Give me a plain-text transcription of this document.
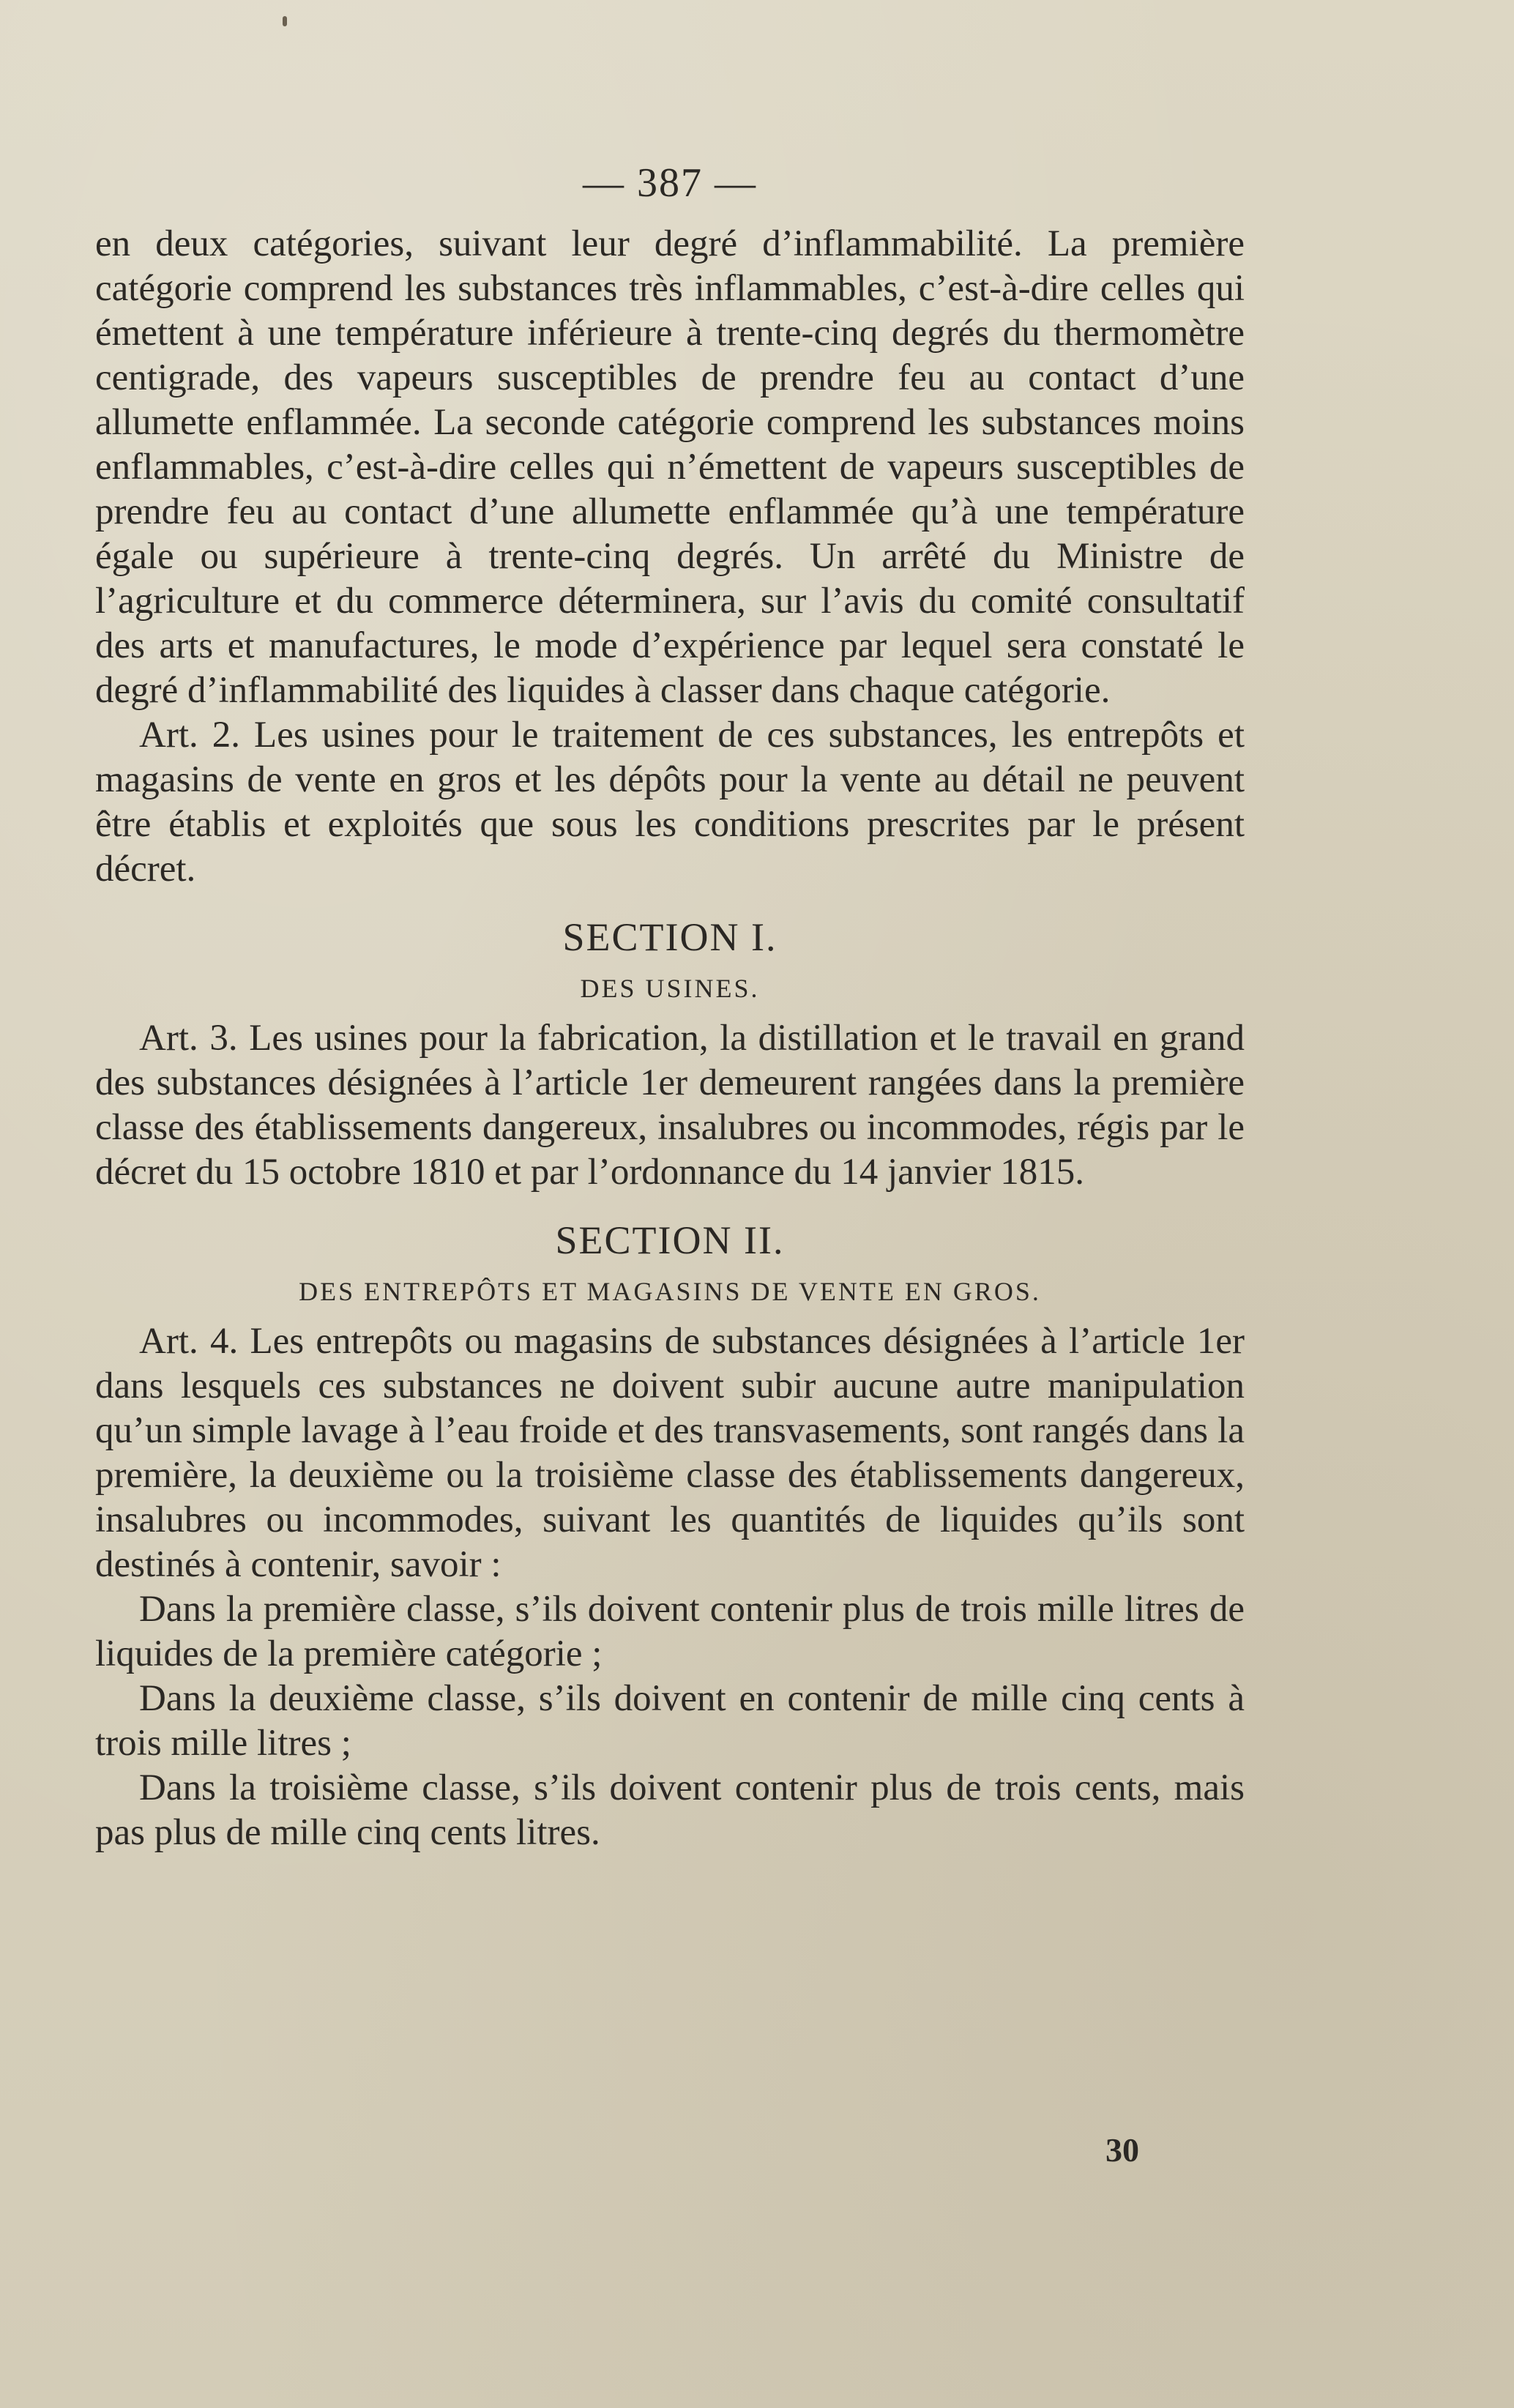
— 387 —

en deux catégories, suivant leur degré d’inflammabilité. La première catégorie comprend les substances très inflammables, c’est-à-dire celles qui émettent à une température inférieure à trente-cinq degrés du thermomètre centigrade, des vapeurs susceptibles de prendre feu au contact d’une allumette enflammée. La seconde catégorie comprend les substances moins enflammables, c’est-à-dire celles qui n’émettent de vapeurs susceptibles de prendre feu au contact d’une allumette enflammée qu’à une température égale ou supérieure à trente-cinq degrés. Un arrêté du Ministre de l’agriculture et du commerce déterminera, sur l’avis du comité consultatif des arts et manufactures, le mode d’expérience par lequel sera constaté le degré d’inflammabilité des liquides à classer dans chaque catégorie.

Art. 2. Les usines pour le traitement de ces substances, les entrepôts et magasins de vente en gros et les dépôts pour la vente au détail ne peuvent être établis et exploités que sous les conditions prescrites par le présent décret.

SECTION I.
DES USINES.

Art. 3. Les usines pour la fabrication, la distillation et le travail en grand des substances désignées à l’article 1er demeurent rangées dans la première classe des établissements dangereux, insalubres ou incommodes, régis par le décret du 15 octobre 1810 et par l’ordonnance du 14 janvier 1815.

SECTION II.
DES ENTREPÔTS ET MAGASINS DE VENTE EN GROS.

Art. 4. Les entrepôts ou magasins de substances désignées à l’article 1er dans lesquels ces substances ne doivent subir aucune autre manipulation qu’un simple lavage à l’eau froide et des transvasements, sont rangés dans la première, la deuxième ou la troisième classe des établissements dangereux, insalubres ou incommodes, suivant les quantités de liquides qu’ils sont destinés à contenir, savoir :

Dans la première classe, s’ils doivent contenir plus de trois mille litres de liquides de la première catégorie ;

Dans la deuxième classe, s’ils doivent en contenir de mille cinq cents à trois mille litres ;

Dans la troisième classe, s’ils doivent contenir plus de trois cents, mais pas plus de mille cinq cents litres.

30
